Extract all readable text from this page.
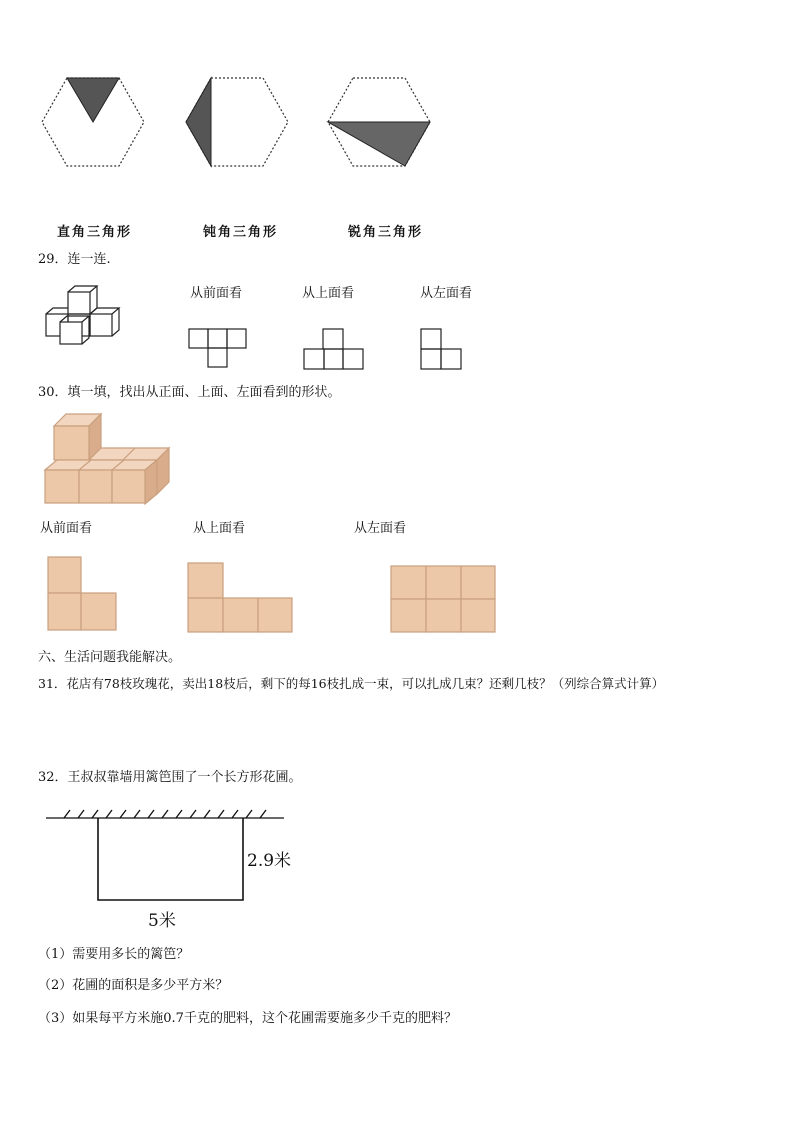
直角三角形	钝角三角形	锐角三角形
29．连一连.
从前面看	从上面看	从左面看
30．填一填，找出从正面、上面、左面看到的形状。
从前面看	从上面看	从左面看
六、生活问题我能解决。
31．花店有78枝玫瑰花，卖出18枝后，剩下的每16枝扎成一束，可以扎成几束？还剩几枝？（列综合算式计算）
32．王叔叔靠墙用篱笆围了一个长方形花圃。
2.9米
5米
（1）需要用多长的篱笆？
（2）花圃的面积是多少平方米？
（3）如果每平方米施0.7千克的肥料，这个花圃需要施多少千克的肥料？
